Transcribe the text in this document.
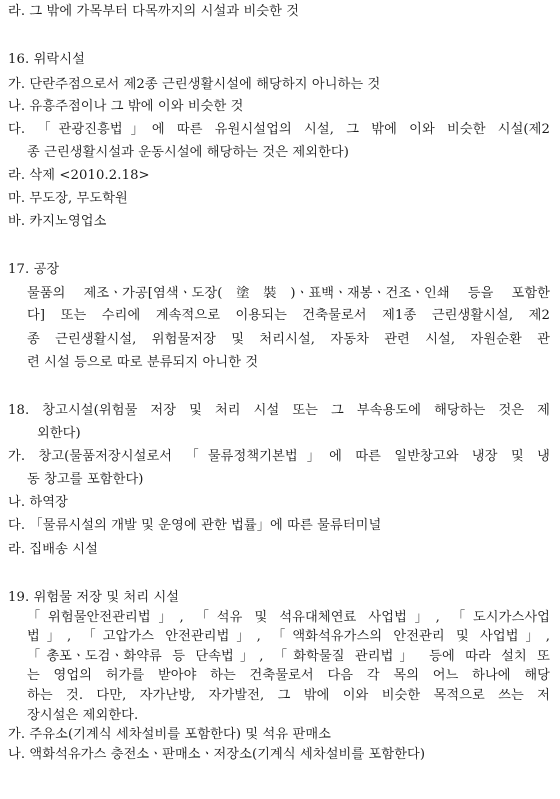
라. 그 밖에 가목부터 다목까지의 시설과 비슷한 것
16. 위락시설
가. 단란주점으로서 제2종 근린생활시설에 해당하지 아니하는 것
나. 유흥주점이나 그 밖에 이와 비슷한 것
다. 「관광진흥법」에 따른 유원시설업의 시설, 그 밖에 이와 비슷한 시설(제2
종 근린생활시설과 운동시설에 해당하는 것은 제외한다)
라. 삭제 <2010.2.18>
마. 무도장, 무도학원
바. 카지노영업소
17. 공장
물품의 제조ㆍ가공[염색ㆍ도장(塗裝)ㆍ표백ㆍ재봉ㆍ건조ㆍ인쇄 등을 포함한
다] 또는 수리에 계속적으로 이용되는 건축물로서 제1종 근린생활시설, 제2
종 근린생활시설, 위험물저장 및 처리시설, 자동차 관련 시설, 자원순환 관
련 시설 등으로 따로 분류되지 아니한 것
18. 창고시설(위험물 저장 및 처리 시설 또는 그 부속용도에 해당하는 것은 제
외한다)
가. 창고(물품저장시설로서 「물류정책기본법」에 따른 일반창고와 냉장 및 냉
동 창고를 포함한다)
나. 하역장
다. 「물류시설의 개발 및 운영에 관한 법률」에 따른 물류터미널
라. 집배송 시설
19. 위험물 저장 및 처리 시설
「위험물안전관리법」, 「석유 및 석유대체연료 사업법」, 「도시가스사업
법」, 「고압가스 안전관리법」, 「액화석유가스의 안전관리 및 사업법」,
「총포ㆍ도검ㆍ화약류 등 단속법」, 「화학물질 관리법」 등에 따라 설치 또
는 영업의 허가를 받아야 하는 건축물로서 다음 각 목의 어느 하나에 해당
하는 것. 다만, 자가난방, 자가발전, 그 밖에 이와 비슷한 목적으로 쓰는 저
장시설은 제외한다.
가. 주유소(기계식 세차설비를 포함한다) 및 석유 판매소
나. 액화석유가스 충전소ㆍ판매소ㆍ저장소(기계식 세차설비를 포함한다)
